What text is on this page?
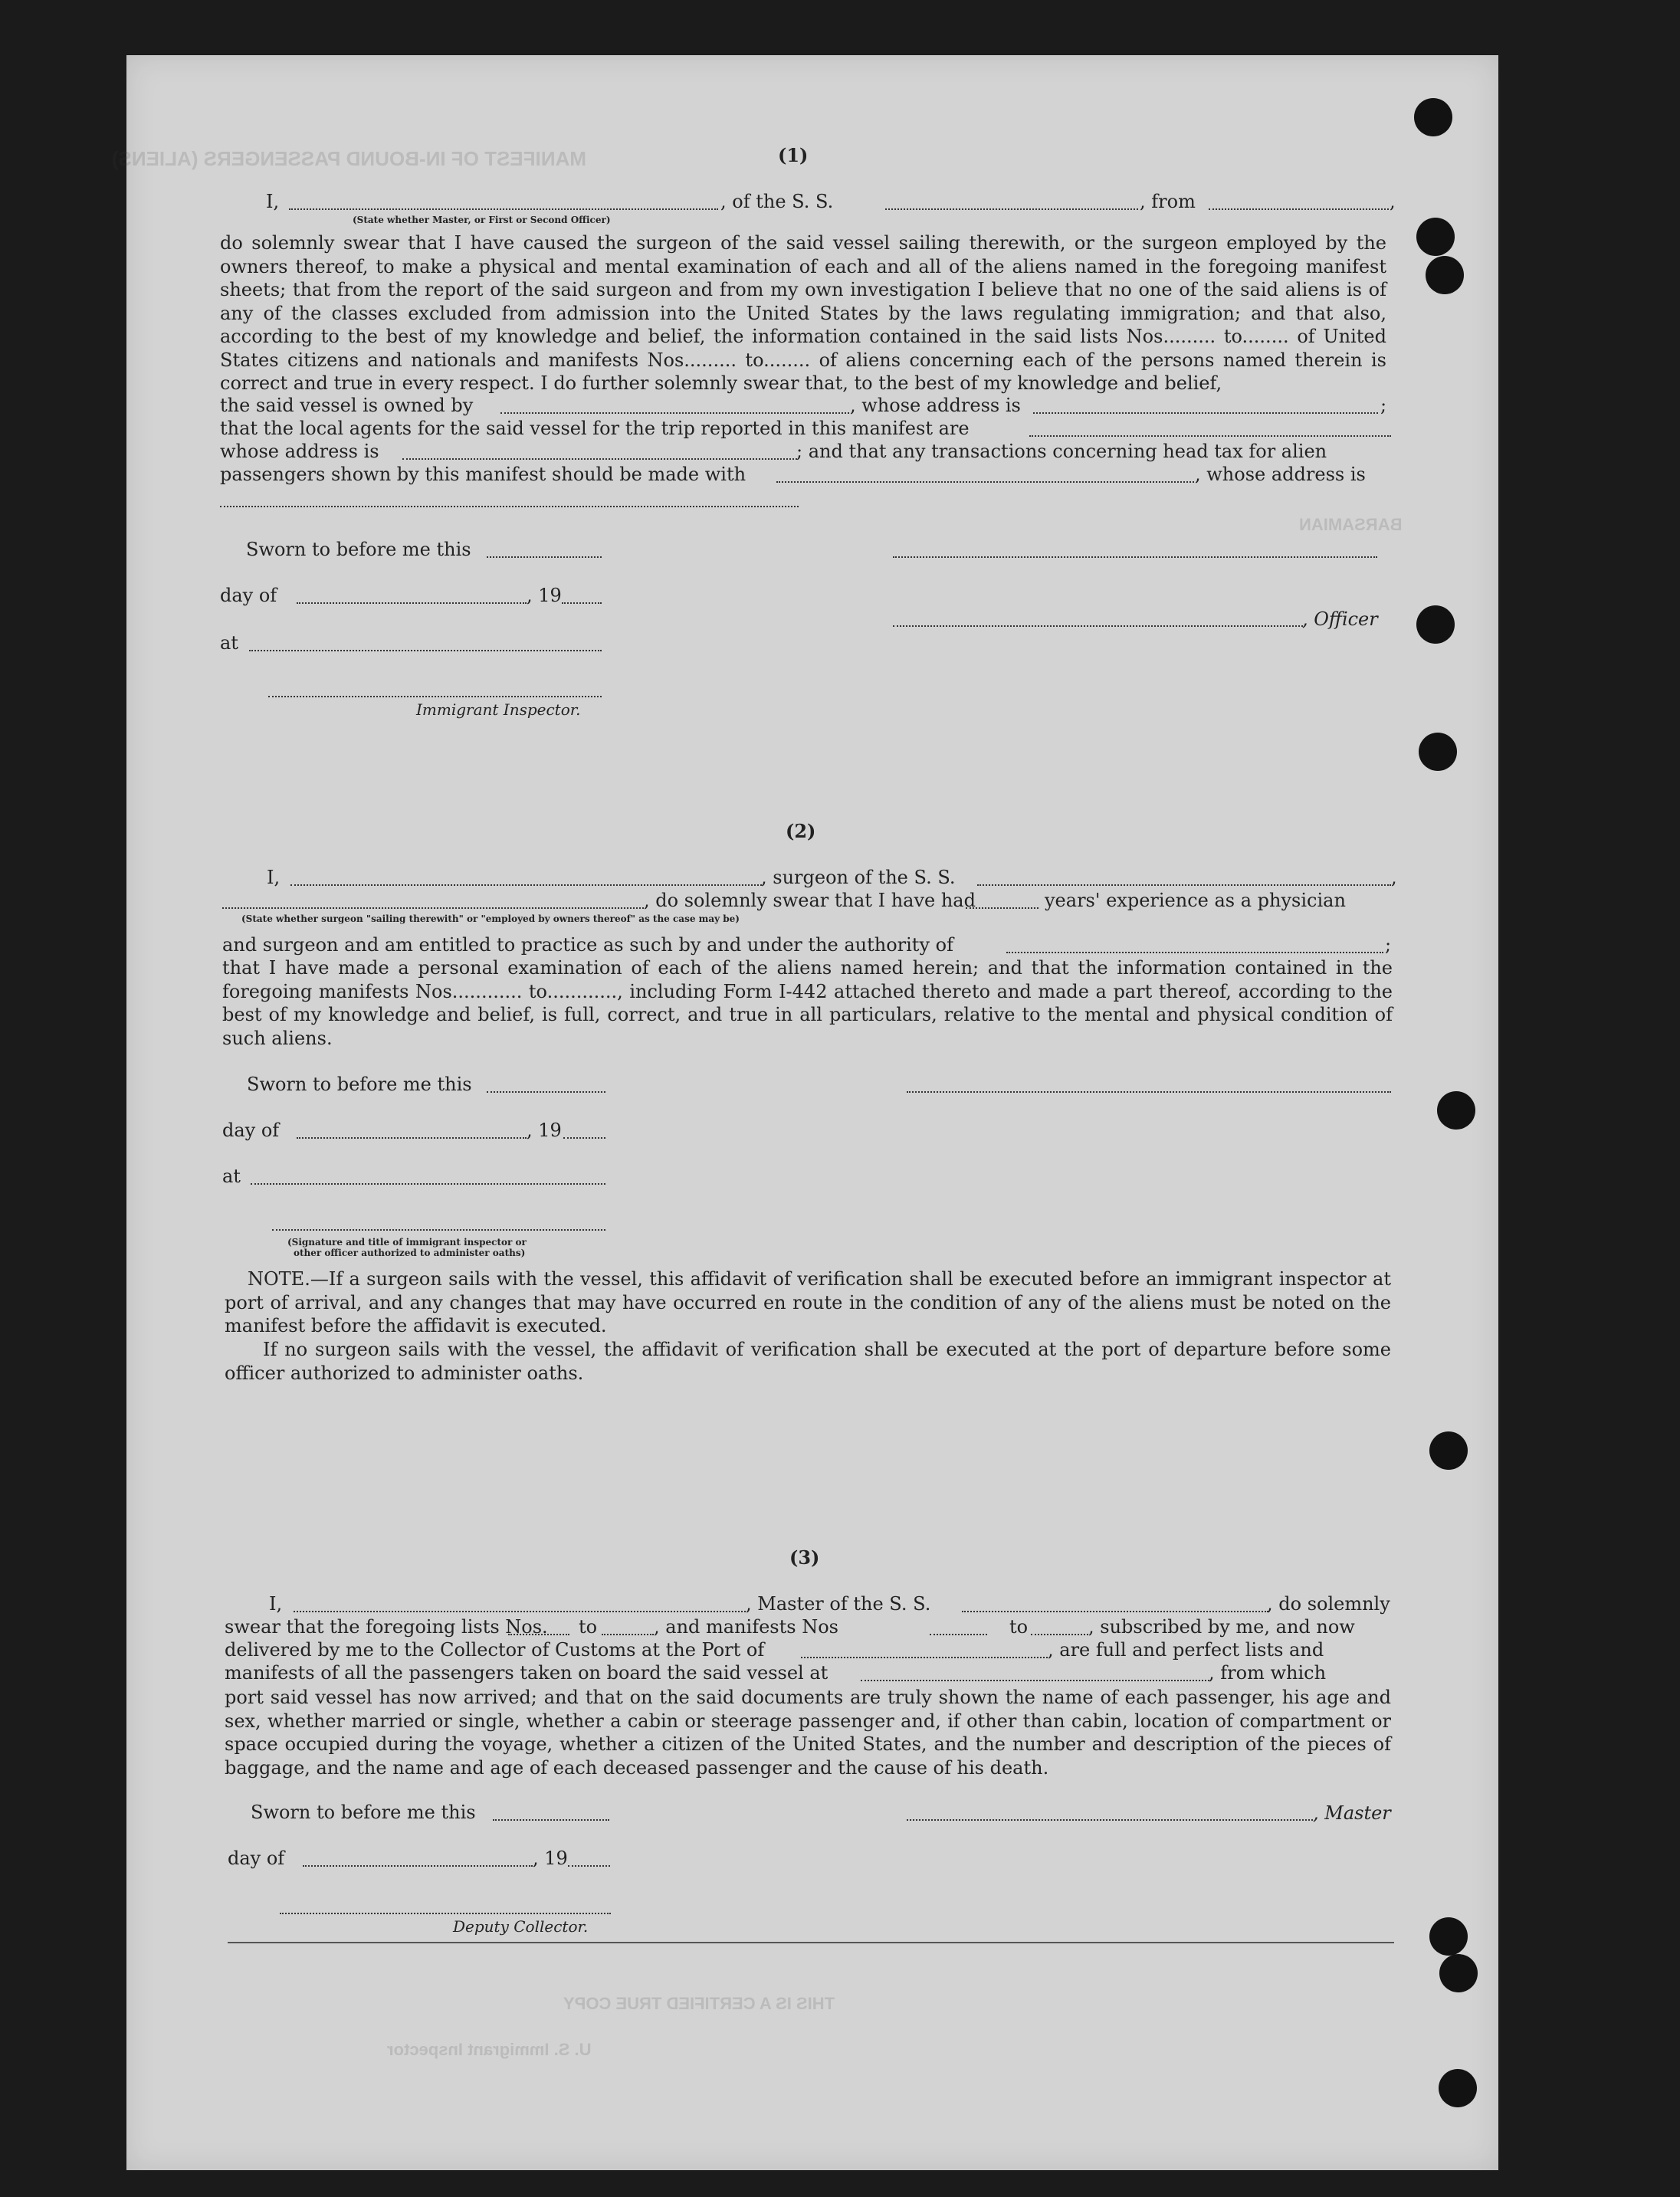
MANIFEST OF IN-BOUND PASSENGERS (ALIENS)
BARSAMIAN
U. S. Immigrant Inspector
THIS IS A CERTIFIED TRUE COPY
(1)
I,	, of the S. S.	, from	,
(State whether Master, or First or Second Officer)
do solemnly swear that I have caused the surgeon of the said vessel sailing therewith, or the surgeon employed by the owners thereof, to make a physical and mental examination of each and all of the aliens named in the foregoing manifest sheets; that from the report of the said surgeon and from my own investigation I believe that no one of the said aliens is of any of the classes excluded from admission into the United States by the laws regulating immigration; and that also, according to the best of my knowledge and belief, the information contained in the said lists Nos......... to........ of United States citizens and nationals and manifests Nos......... to........ of aliens concerning each of the persons named therein is correct and true in every respect. I do further solemnly swear that, to the best of my knowledge and belief,
the said vessel is owned by	, whose address is	;
that the local agents for the said vessel for the trip reported in this manifest are
whose address is	; and that any transactions concerning head tax for alien
passengers shown by this manifest should be made with	, whose address is
Sworn to before me this
day of	, 19
, Officer
at
Immigrant Inspector.
(2)
I,	, surgeon of the S. S.	,
, do solemnly swear that I have had	years' experience as a physician
(State whether surgeon "sailing therewith" or "employed by owners thereof" as the case may be)
and surgeon and am entitled to practice as such by and under the authority of	;
that I have made a personal examination of each of the aliens named herein; and that the information contained in the foregoing manifests Nos............ to............, including Form I-442 attached thereto and made a part thereof, according to the best of my knowledge and belief, is full, correct, and true in all particulars, relative to the mental and physical condition of such aliens.
Sworn to before me this
day of	, 19
at
(Signature and title of immigrant inspector or
other officer authorized to administer oaths)

NOTE.—If a surgeon sails with the vessel, this affidavit of verification shall be executed before an immigrant inspector at port of arrival, and any changes that may have occurred en route in the condition of any of the aliens must be noted on the manifest before the affidavit is executed.

If no surgeon sails with the vessel, the affidavit of verification shall be executed at the port of departure before some officer authorized to administer oaths.

(3)
I,	, Master of the S. S.	, do solemnly
swear that the foregoing lists Nos. to	, and manifests Nos	to	, subscribed by me, and now
delivered by me to the Collector of Customs at the Port of	, are full and perfect lists and
manifests of all the passengers taken on board the said vessel at	, from which
port said vessel has now arrived; and that on the said documents are truly shown the name of each passenger, his age and sex, whether married or single, whether a cabin or steerage passenger and, if other than cabin, location of compartment or space occupied during the voyage, whether a citizen of the United States, and the number and description of the pieces of baggage, and the name and age of each deceased passenger and the cause of his death.
Sworn to before me this	, Master
day of	, 19
Deputy Collector.
